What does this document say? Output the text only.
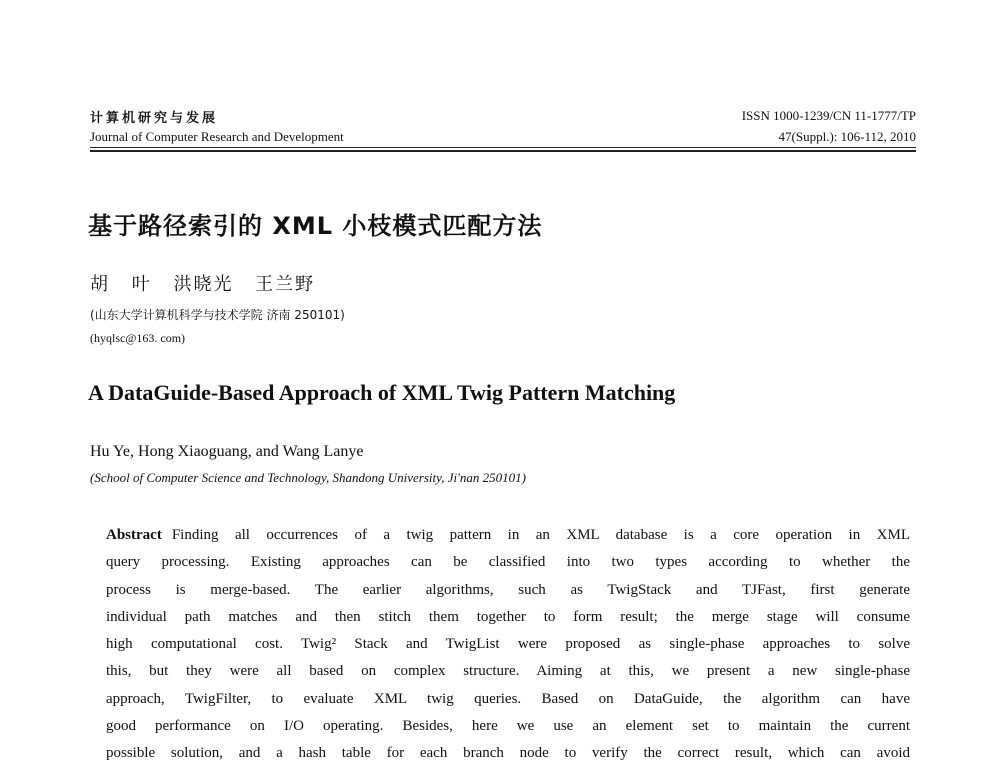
计算机研究与发展
Journal of Computer Research and Development
ISSN 1000-1239/CN 11-1777/TP
47(Suppl.): 106-112, 2010
基于路径索引的 XML 小枝模式匹配方法
胡 叶 洪晓光 王兰野
(山东大学计算机科学与技术学院 济南 250101)
(hyqlsc@163. com)
A DataGuide-Based Approach of XML Twig Pattern Matching
Hu Ye, Hong Xiaoguang, and Wang Lanye
(School of Computer Science and Technology, Shandong University, Ji'nan 250101)
Abstract Finding all occurrences of a twig pattern in an XML database is a core operation in XML
query processing. Existing approaches can be classified into two types according to whether the
process is merge-based. The earlier algorithms, such as TwigStack and TJFast, first generate
individual path matches and then stitch them together to form result; the merge stage will consume
high computational cost. Twig² Stack and TwigList were proposed as single-phase approaches to solve
this, but they were all based on complex structure. Aiming at this, we present a new single-phase
approach, TwigFilter, to evaluate XML twig queries. Based on DataGuide, the algorithm can have
good performance on I/O operating. Besides, here we use an element set to maintain the current
possible solution, and a hash table for each branch node to verify the correct result, which can avoid
